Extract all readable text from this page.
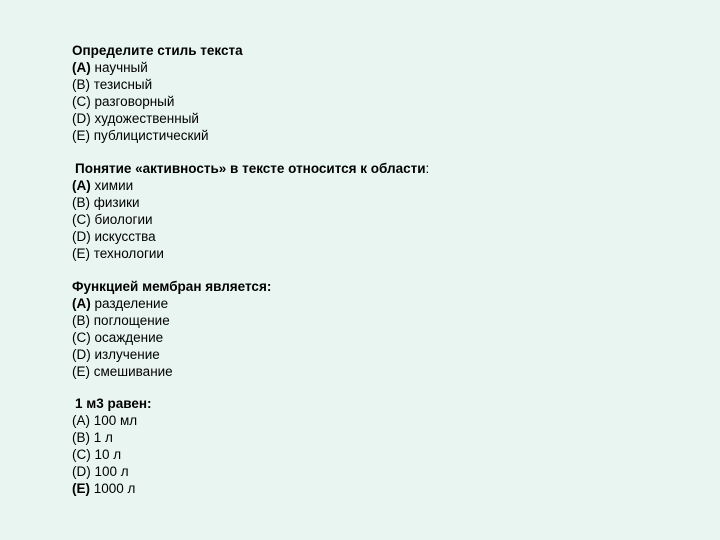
Определите стиль текста
(A) научный
(B) тезисный
(C) разговорный
(D) художественный
(E) публицистический
Понятие «активность» в тексте относится к области:
(A) химии
(B) физики
(C) биологии
(D) искусства
(E) технологии
Функцией мембран является:
(A) разделение
(B) поглощение
(C) осаждение
(D) излучение
(E) смешивание
1 м3 равен:
(A) 100 мл
(B) 1 л
(C) 10 л
(D) 100 л
(E) 1000 л
